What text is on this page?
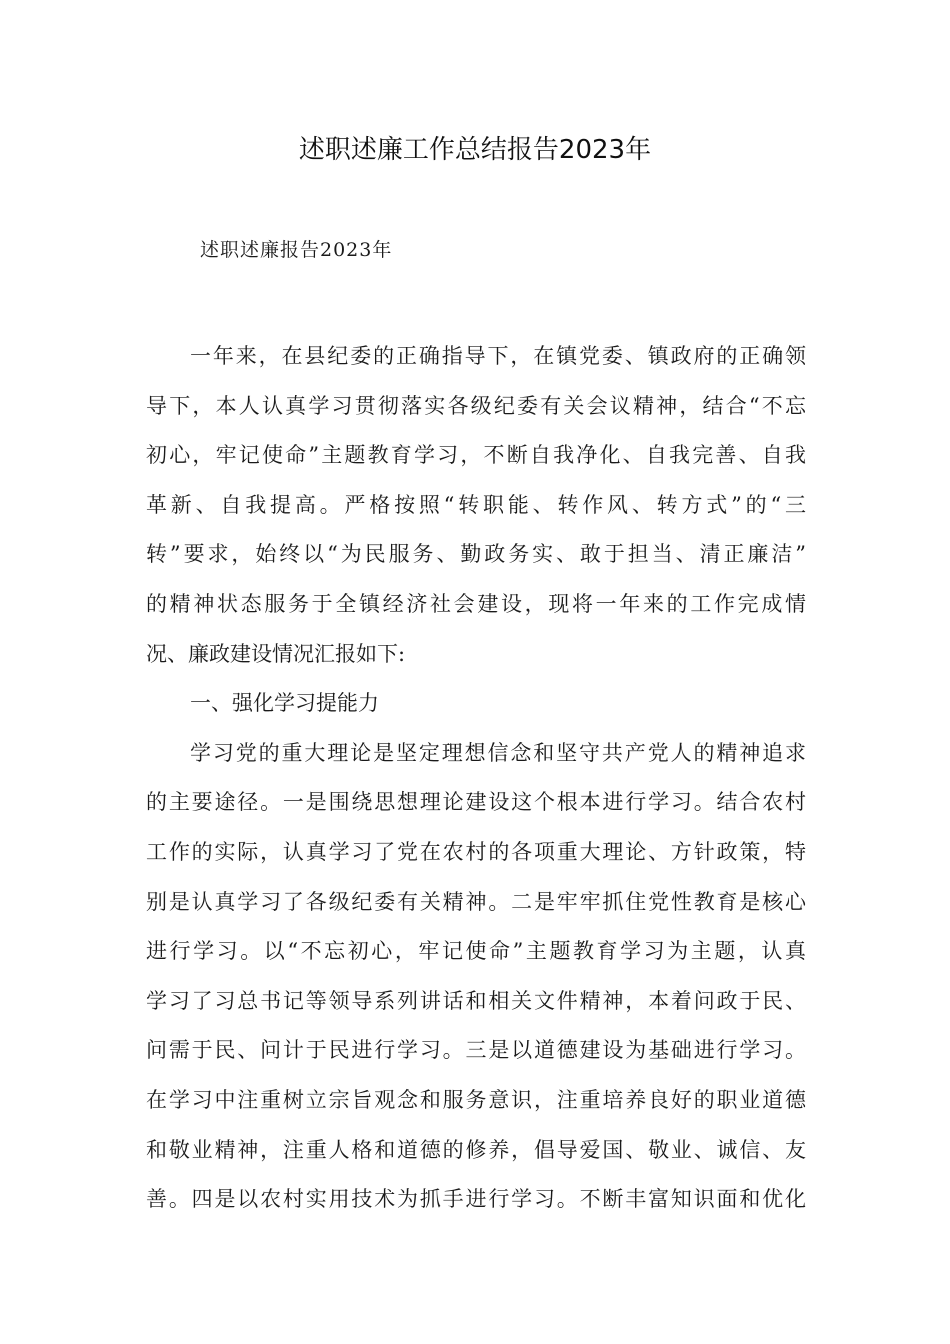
述职述廉工作总结报告2023年
述职述廉报告2023年
一年来，在县纪委的正确指导下，在镇党委、镇政府的正确领
导下，本人认真学习贯彻落实各级纪委有关会议精神，结合“不忘
初心，牢记使命”主题教育学习，不断自我净化、自我完善、自我
革新、自我提高。严格按照“转职能、转作风、转方式”的“三
转”要求，始终以“为民服务、勤政务实、敢于担当、清正廉洁”
的精神状态服务于全镇经济社会建设，现将一年来的工作完成情
况、廉政建设情况汇报如下:
一、强化学习提能力
学习党的重大理论是坚定理想信念和坚守共产党人的精神追求
的主要途径。一是围绕思想理论建设这个根本进行学习。结合农村
工作的实际，认真学习了党在农村的各项重大理论、方针政策，特
别是认真学习了各级纪委有关精神。二是牢牢抓住党性教育是核心
进行学习。以“不忘初心，牢记使命”主题教育学习为主题，认真
学习了习总书记等领导系列讲话和相关文件精神，本着问政于民、
问需于民、问计于民进行学习。三是以道德建设为基础进行学习。
在学习中注重树立宗旨观念和服务意识，注重培养良好的职业道德
和敬业精神，注重人格和道德的修养，倡导爱国、敬业、诚信、友
善。四是以农村实用技术为抓手进行学习。不断丰富知识面和优化
